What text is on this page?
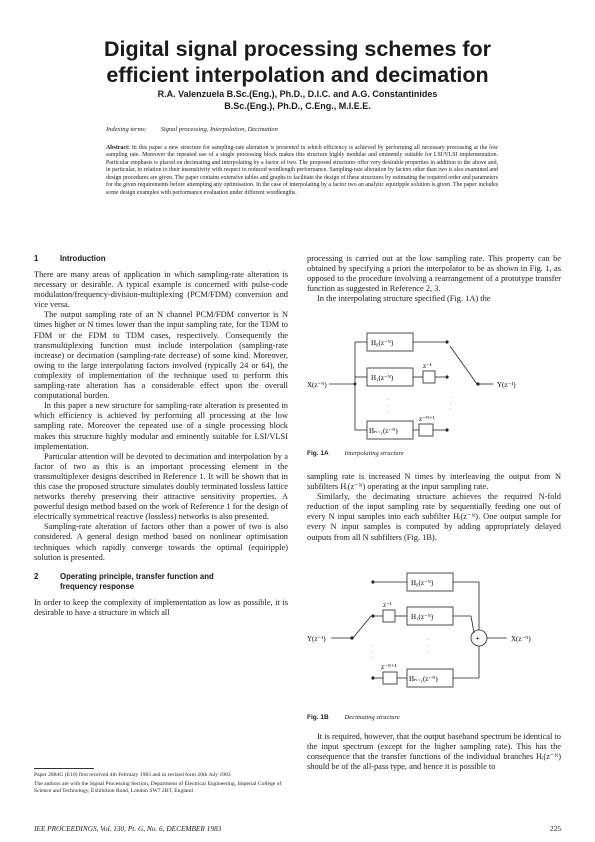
Digital signal processing schemes for
efficient interpolation and decimation
R.A. Valenzuela B.Sc.(Eng.), Ph.D., D.I.C. and A.G. Constantinides
B.Sc.(Eng.), Ph.D., C.Eng., M.I.E.E.
Indexing terms: Signal processing, Interpolation, Decimation
Abstract: In this paper a new structure for sampling-rate alteration is presented in which efficiency is achieved by performing all necessary processing at the low sampling rate. Moreover the repeated use of a single processing block makes this structure highly modular and eminently suitable for LSI/VLSI implementation. Particular emphasis is placed on decimating and interpolating by a factor of two. The proposed structures offer very desirable properties in addition to the above and, in particular, in relation to their insensitivity with respect to reduced wordlength performance. Sampling-rate alteration by factors other than two is also examined and design procedures are given. The paper contains extensive tables and graphs to facilitate the design of these structures by estimating the required order and parameters for the given requirements before attempting any optimisation. In the case of interpolating by a factor two an analytic equiripple solution is given. The paper includes some design examples with performance evaluation under different wordlengths.
1	Introduction

There are many areas of application in which sampling-rate alteration is necessary or desirable. A typical example is concerned with pulse-code modulation/frequency-division-multiplexing (PCM/FDM) conversion and vice versa.

The output sampling rate of an N channel PCM/FDM convertor is N times higher or N times lower than the input sampling rate, for the TDM to FDM or the FDM to TDM cases, respectively. Consequently the transmultiplexing function must include interpolation (sampling-rate increase) or decimation (sampling-rate decrease) of some kind. Moreover, owing to the large interpolating factors involved (typically 24 or 64), the complexity of implementation of the technique used to perform this sampling-rate alteration has a considerable effect upon the overall computational burden.

In this paper a new structure for sampling-rate alteration is presented in which efficiency is achieved by performing all processing at the low sampling rate. Moreover the repeated use of a single processing block makes this structure highly modular and eminently suitable for LSI/VLSI implementation.

Particular attention will be devoted to decimation and interpolation by a factor of two as this is an important processing element in the transmultiplexer designs described in Reference 1. It will be shown that in this case the proposed structure simulates doubly terminated lossless lattice networks thereby preserving their attractive sensitivity properties. A powerful design method based on the work of Reference 1 for the design of electrically symmetrical reactive (lossless) networks is also presented.

Sampling-rate alteration of factors other than a power of two is also considered. A general design method based on nonlinear optimisation techniques which rapidly converge towards the optimal (equiripple) solution is presented.

2	Operating principle, transfer function and
frequency response

In order to keep the complexity of implementation as low as possible, it is desirable to have a structure in which all

processing is carried out at the low sampling rate. This property can be obtained by specifying a priori the interpolator to be as shown in Fig. 1, as opposed to the procedure involving a rearrangement of a prototype transfer function as suggested in Reference 2, 3.

In the interpolating structure specified (Fig. 1A) the

.
.
.
.
.
.
X(z⁻ᴺ)
H₀(z⁻ᴺ)
H₁(z⁻ᴺ)
Hₙ₋₁(z⁻ᴺ)
z⁻¹
z⁻ᴺ⁺¹
Y(z⁻¹)
Fig. 1A Interpolating structure

sampling rate is increased N times by interleaving the output from N subfilters Hᵢ(z⁻ᴺ) operating at the input sampling rate.

Similarly, the decimating structure achieves the required N-fold reduction of the input sampling rate by sequentially feeding one out of every N input samples into each subfilter Hᵢ(z⁻ᴺ). One output sample for every N input samples is computed by adding appropriately delayed outputs from all N subfilters (Fig. 1B).

.
.
.
.
.
.
Y(z⁻¹)
H₀(z⁻ᴺ)
H₁(z⁻ᴺ)
Hₙ₋₁(z⁻ᴺ)
z⁻¹
z⁻ᴺ⁺¹
+	X(z⁻ᴺ)
Fig. 1B Decimating structure

It is required, however, that the output baseband spectrum be identical to the input spectrum (except for the higher sampling rate). This has the consequence that the transfer functions of the individual branches Hᵢ(z⁻ᴺ) should be of the all-pass type, and hence it is possible to

Paper 2884G (E10) first received 4th February 1983 and in revised form 20th July 1983

The authors are with the Signal Processing Section, Department of Electrical Engineering, Imperial College of Science and Technology, Exhibition Road, London SW7 2BT, England

IEE PROCEEDINGS, Vol. 130, Pt. G, No. 6, DECEMBER 1983	225
